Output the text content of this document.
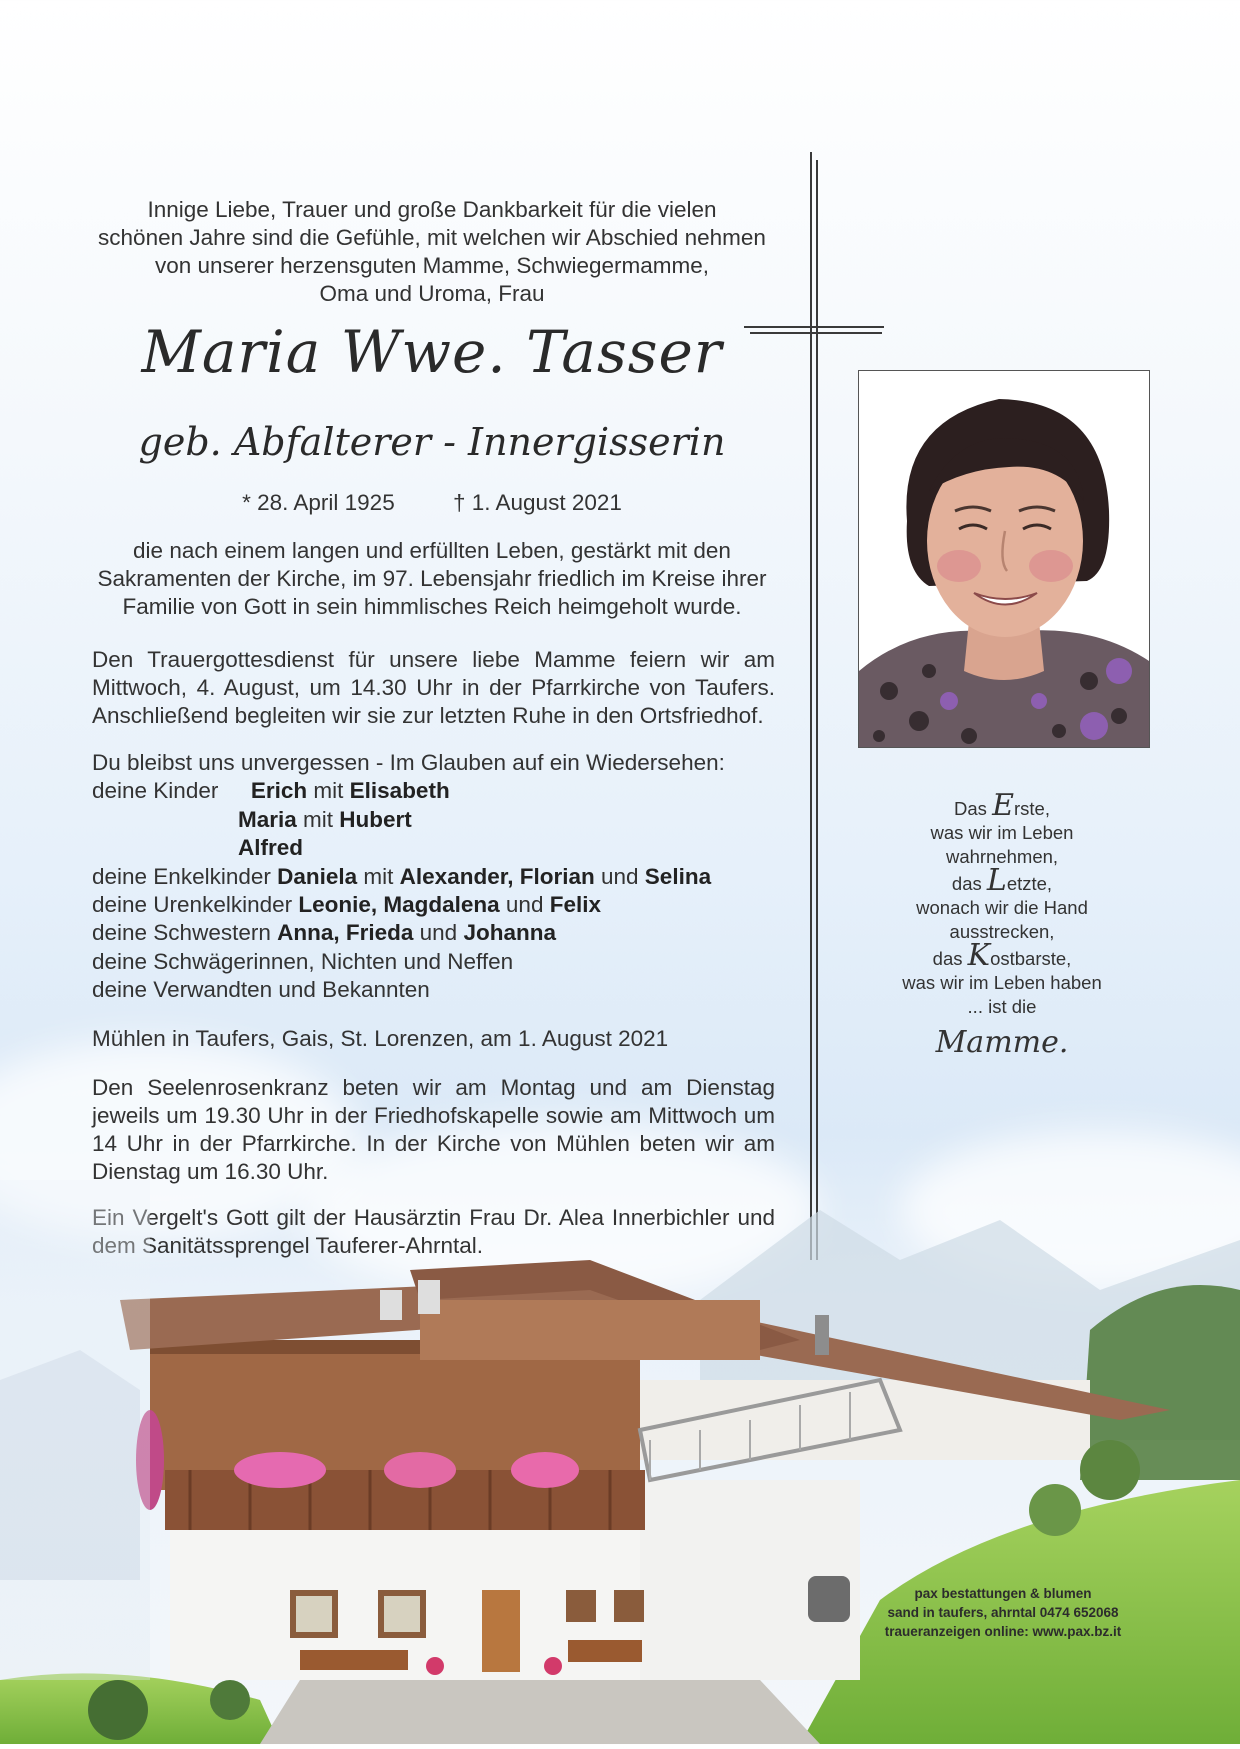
Innige Liebe, Trauer und große Dankbarkeit für die vielen
schönen Jahre sind die Gefühle, mit welchen wir Abschied nehmen
von unserer herzensguten Mamme, Schwiegermamme,
Oma und Uroma, Frau
Maria Wwe. Tasser
geb. Abfalterer - Innergisserin
* 28. April 1925	† 1. August 2021
die nach einem langen und erfüllten Leben, gestärkt mit den
Sakramenten der Kirche, im 97. Lebensjahr friedlich im Kreise ihrer
Familie von Gott in sein himmlisches Reich heimgeholt wurde.
Den Trauergottesdienst für unsere liebe Mamme feiern wir am Mittwoch, 4. August, um 14.30 Uhr in der Pfarrkirche von Taufers. Anschließend begleiten wir sie zur letzten Ruhe in den Ortsfriedhof.
Du bleibst uns unvergessen - Im Glauben auf ein Wiedersehen:
deine Kinder  Erich mit Elisabeth
Maria mit Hubert
Alfred
deine Enkelkinder Daniela mit Alexander, Florian und Selina
deine Urenkelkinder Leonie, Magdalena und Felix
deine Schwestern Anna, Frieda und Johanna
deine Schwägerinnen, Nichten und Neffen
deine Verwandten und Bekannten
Mühlen in Taufers, Gais, St. Lorenzen, am 1. August 2021
Den Seelenrosenkranz beten wir am Montag und am Dienstag jeweils um 19.30 Uhr in der Friedhofskapelle sowie am Mittwoch um 14 Uhr in der Pfarrkirche. In der Kirche von Mühlen beten wir am Dienstag um 16.30 Uhr.
Ein Vergelt's Gott gilt der Hausärztin Frau Dr. Alea Innerbichler und dem Sanitätssprengel Tauferer-Ahrntal.
Das Erste,
was wir im Leben
wahrnehmen,
das Letzte,
wonach wir die Hand
ausstrecken,
das Kostbarste,
was wir im Leben haben
... ist die
Mamme.
pax bestattungen & blumen
sand in taufers, ahrntal 0474 652068
traueranzeigen online: www.pax.bz.it
